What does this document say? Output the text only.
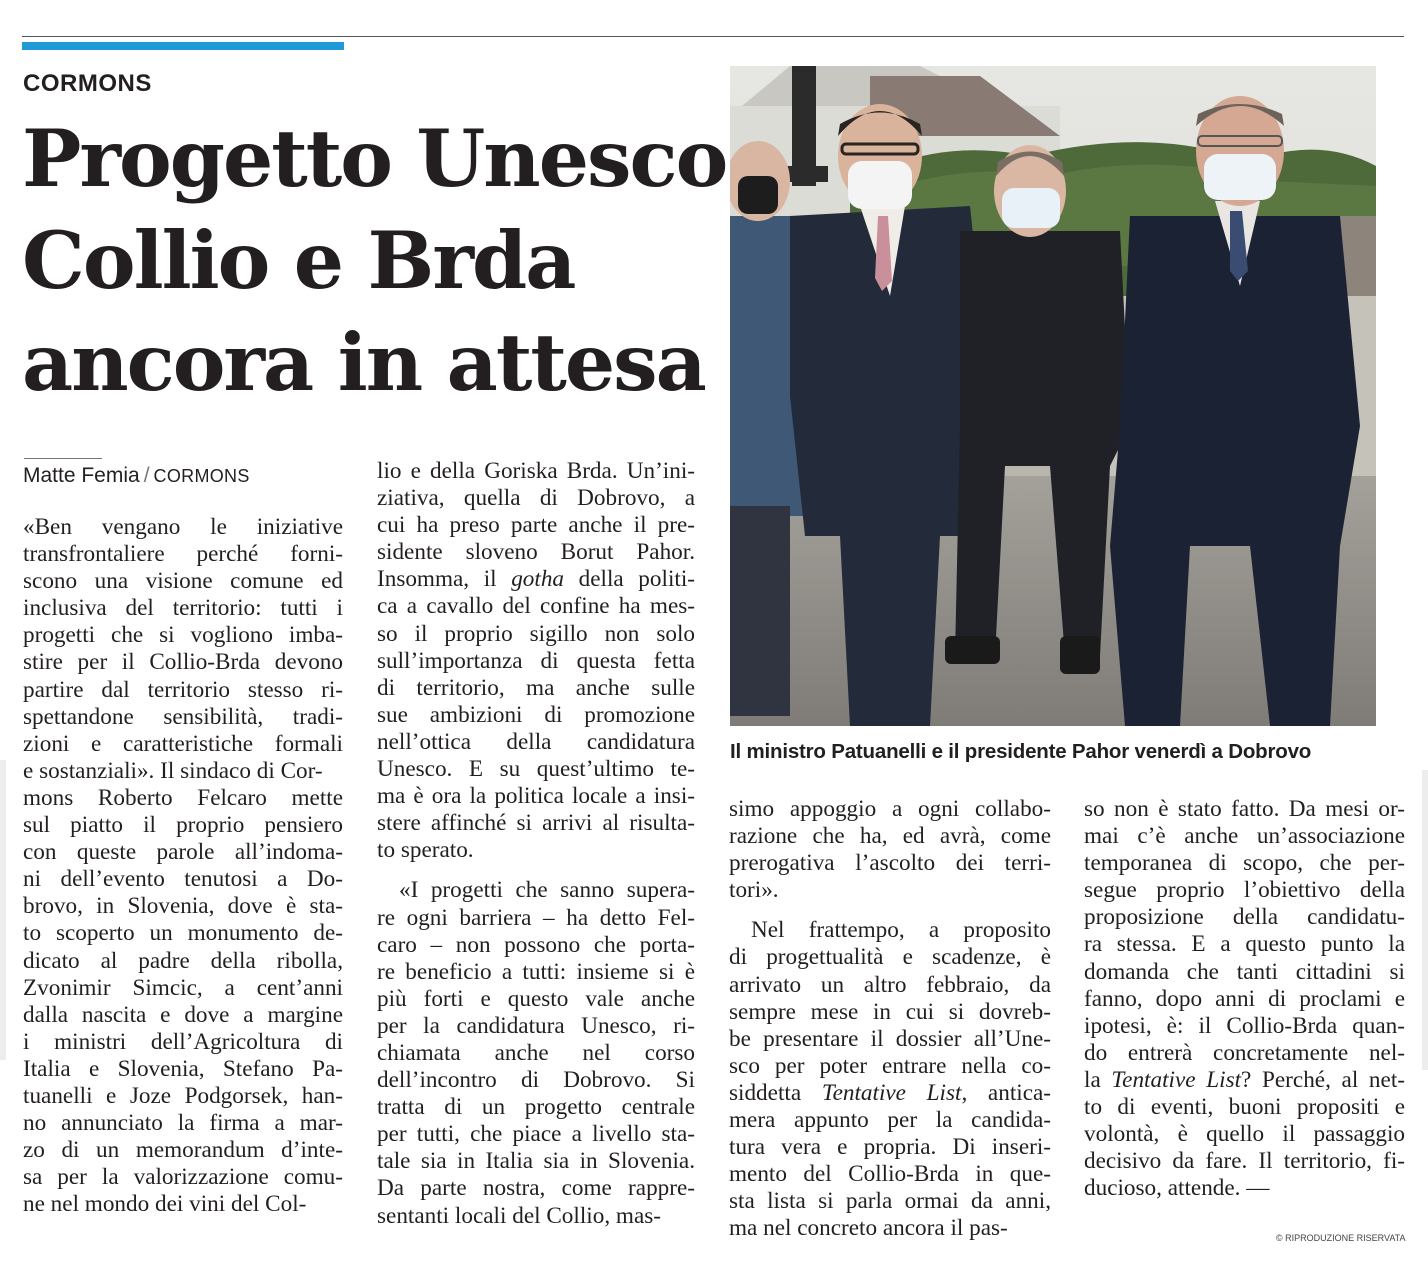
CORMONS
Progetto Unesco
Collio e Brda
ancora in attesa
Matte Femia / CORMONS
«Ben vengano le iniziative
transfrontaliere perché forni-
scono una visione comune ed
inclusiva del territorio: tutti i
progetti che si vogliono imba-
stire per il Collio-Brda devono
partire dal territorio stesso ri-
spettandone sensibilità, tradi-
zioni e caratteristiche formali
e sostanziali». Il sindaco di Cor-
mons Roberto Felcaro mette
sul piatto il proprio pensiero
con queste parole all’indoma-
ni dell’evento tenutosi a Do-
brovo, in Slovenia, dove è sta-
to scoperto un monumento de-
dicato al padre della ribolla,
Zvonimir Simcic, a cent’anni
dalla nascita e dove a margine
i ministri dell’Agricoltura di
Italia e Slovenia, Stefano Pa-
tuanelli e Joze Podgorsek, han-
no annunciato la firma a mar-
zo di un memorandum d’inte-
sa per la valorizzazione comu-
ne nel mondo dei vini del Col-
lio e della Goriska Brda. Un’ini-
ziativa, quella di Dobrovo, a
cui ha preso parte anche il pre-
sidente sloveno Borut Pahor.
Insomma, il gotha della politi-
ca a cavallo del confine ha mes-
so il proprio sigillo non solo
sull’importanza di questa fetta
di territorio, ma anche sulle
sue ambizioni di promozione
nell’ottica della candidatura
Unesco. E su quest’ultimo te-
ma è ora la politica locale a insi-
stere affinché si arrivi al risulta-
to sperato.
«I progetti che sanno supera-
re ogni barriera – ha detto Fel-
caro – non possono che porta-
re beneficio a tutti: insieme si è
più forti e questo vale anche
per la candidatura Unesco, ri-
chiamata anche nel corso
dell’incontro di Dobrovo. Si
tratta di un progetto centrale
per tutti, che piace a livello sta-
tale sia in Italia sia in Slovenia.
Da parte nostra, come rappre-
sentanti locali del Collio, mas-
simo appoggio a ogni collabo-
razione che ha, ed avrà, come
prerogativa l’ascolto dei terri-
tori».
Nel frattempo, a proposito
di progettualità e scadenze, è
arrivato un altro febbraio, da
sempre mese in cui si dovreb-
be presentare il dossier all’Une-
sco per poter entrare nella co-
siddetta Tentative List, antica-
mera appunto per la candida-
tura vera e propria. Di inseri-
mento del Collio-Brda in que-
sta lista si parla ormai da anni,
ma nel concreto ancora il pas-
so non è stato fatto. Da mesi or-
mai c’è anche un’associazione
temporanea di scopo, che per-
segue proprio l’obiettivo della
proposizione della candidatu-
ra stessa. E a questo punto la
domanda che tanti cittadini si
fanno, dopo anni di proclami e
ipotesi, è: il Collio-Brda quan-
do entrerà concretamente nel-
la Tentative List? Perché, al net-
to di eventi, buoni propositi e
volontà, è quello il passaggio
decisivo da fare. Il territorio, fi-
ducioso, attende. —
Il ministro Patuanelli e il presidente Pahor venerdì a Dobrovo
© RIPRODUZIONE RISERVATA
